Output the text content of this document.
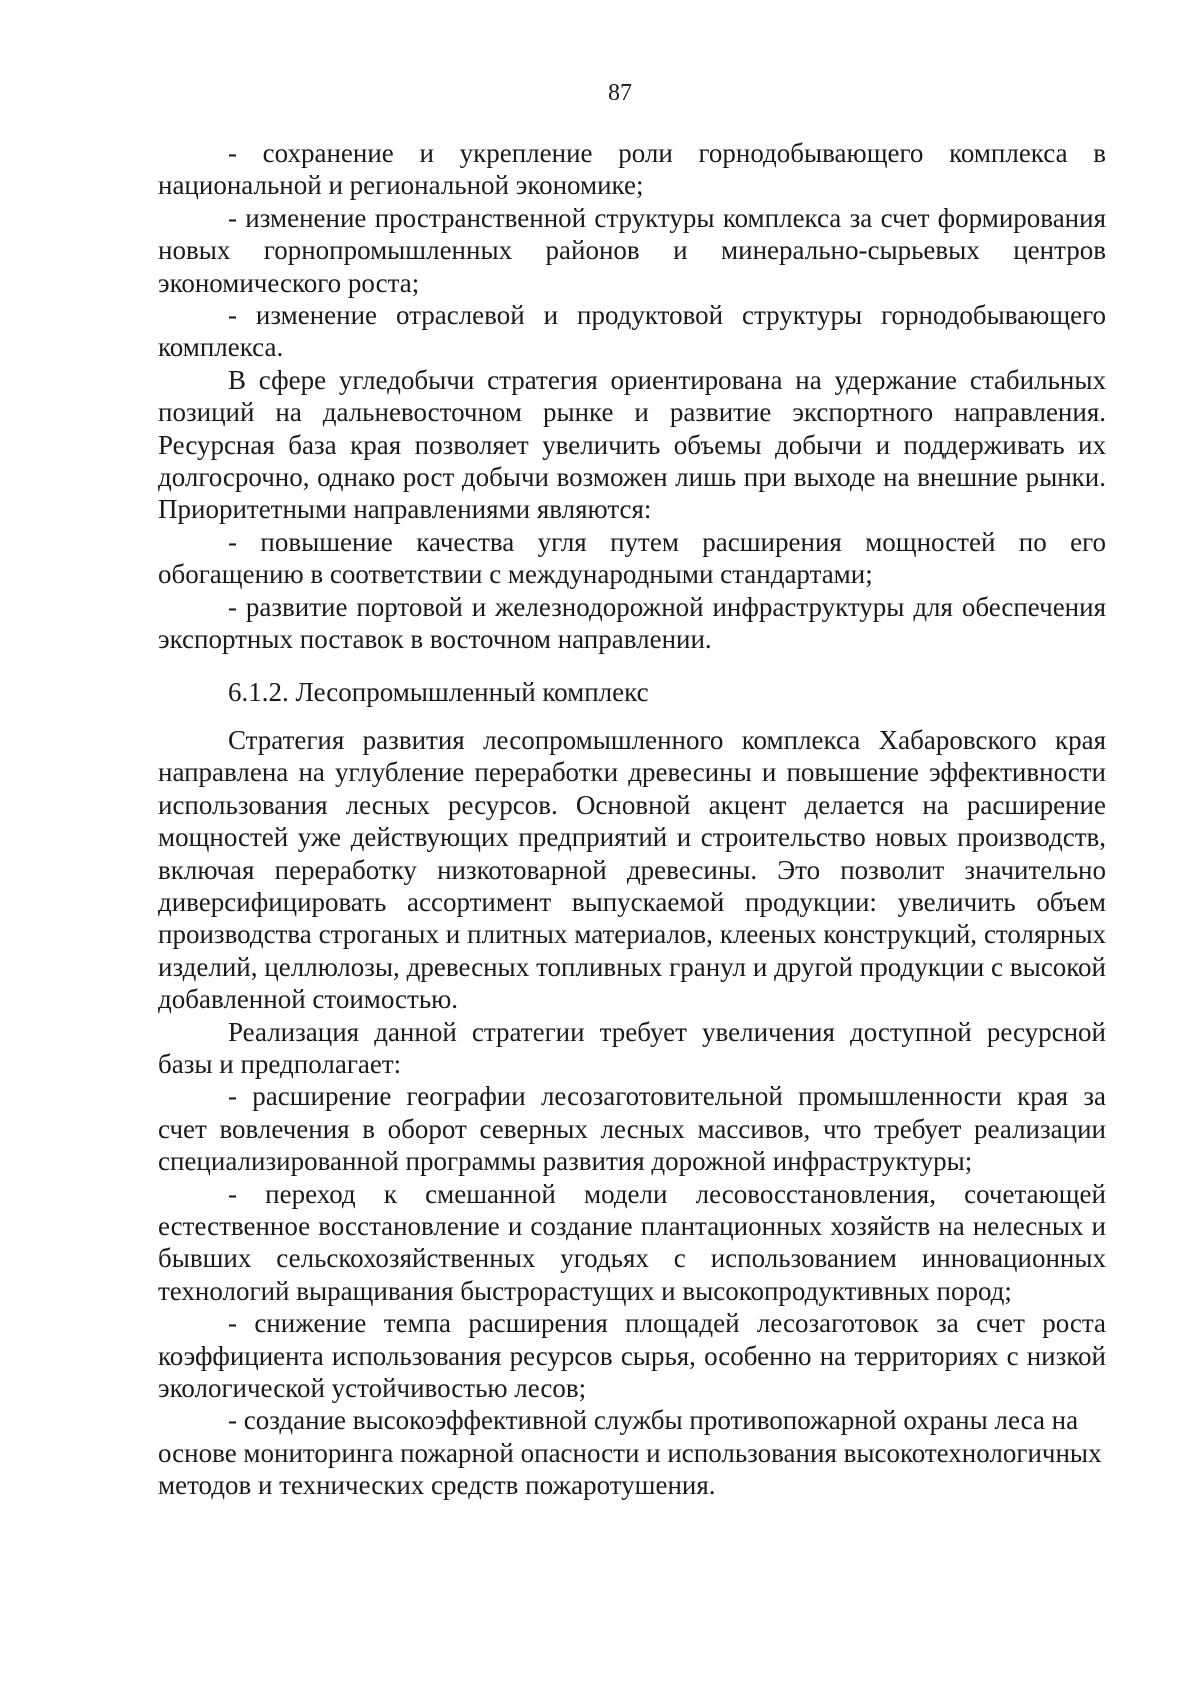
87

- сохранение и укрепление роли горнодобывающего комплекса в национальной и региональной экономике;

- изменение пространственной структуры комплекса за счет формирования новых горнопромышленных районов и минерально-сырьевых центров экономического роста;

- изменение отраслевой и продуктовой структуры горнодобывающего комплекса.

В сфере угледобычи стратегия ориентирована на удержание стабильных позиций на дальневосточном рынке и развитие экспортного направления. Ресурсная база края позволяет увеличить объемы добычи и поддерживать их долгосрочно, однако рост добычи возможен лишь при выходе на внешние рынки. Приоритетными направлениями являются:

- повышение качества угля путем расширения мощностей по его обогащению в соответствии с международными стандартами;

- развитие портовой и железнодорожной инфраструктуры для обеспечения экспортных поставок в восточном направлении.

6.1.2. Лесопромышленный комплекс

Стратегия развития лесопромышленного комплекса Хабаровского края направлена на углубление переработки древесины и повышение эффективности использования лесных ресурсов. Основной акцент делается на расширение мощностей уже действующих предприятий и строительство новых производств, включая переработку низкотоварной древесины. Это позволит значительно диверсифицировать ассортимент выпускаемой продукции: увеличить объем производства строганых и плитных материалов, клееных конструкций, столярных изделий, целлюлозы, древесных топливных гранул и другой продукции с высокой добавленной стоимостью.

Реализация данной стратегии требует увеличения доступной ресурсной базы и предполагает:

- расширение географии лесозаготовительной промышленности края за счет вовлечения в оборот северных лесных массивов, что требует реализации специализированной программы развития дорожной инфраструктуры;

- переход к смешанной модели лесовосстановления, сочетающей естественное восстановление и создание плантационных хозяйств на нелесных и бывших сельскохозяйственных угодьях с использованием инновационных технологий выращивания быстрорастущих и высокопродуктивных пород;

- снижение темпа расширения площадей лесозаготовок за счет роста коэффициента использования ресурсов сырья, особенно на территориях с низкой экологической устойчивостью лесов;

- создание высокоэффективной службы противопожарной охраны леса на основе мониторинга пожарной опасности и использования высокотехнологичных методов и технических средств пожаротушения.
